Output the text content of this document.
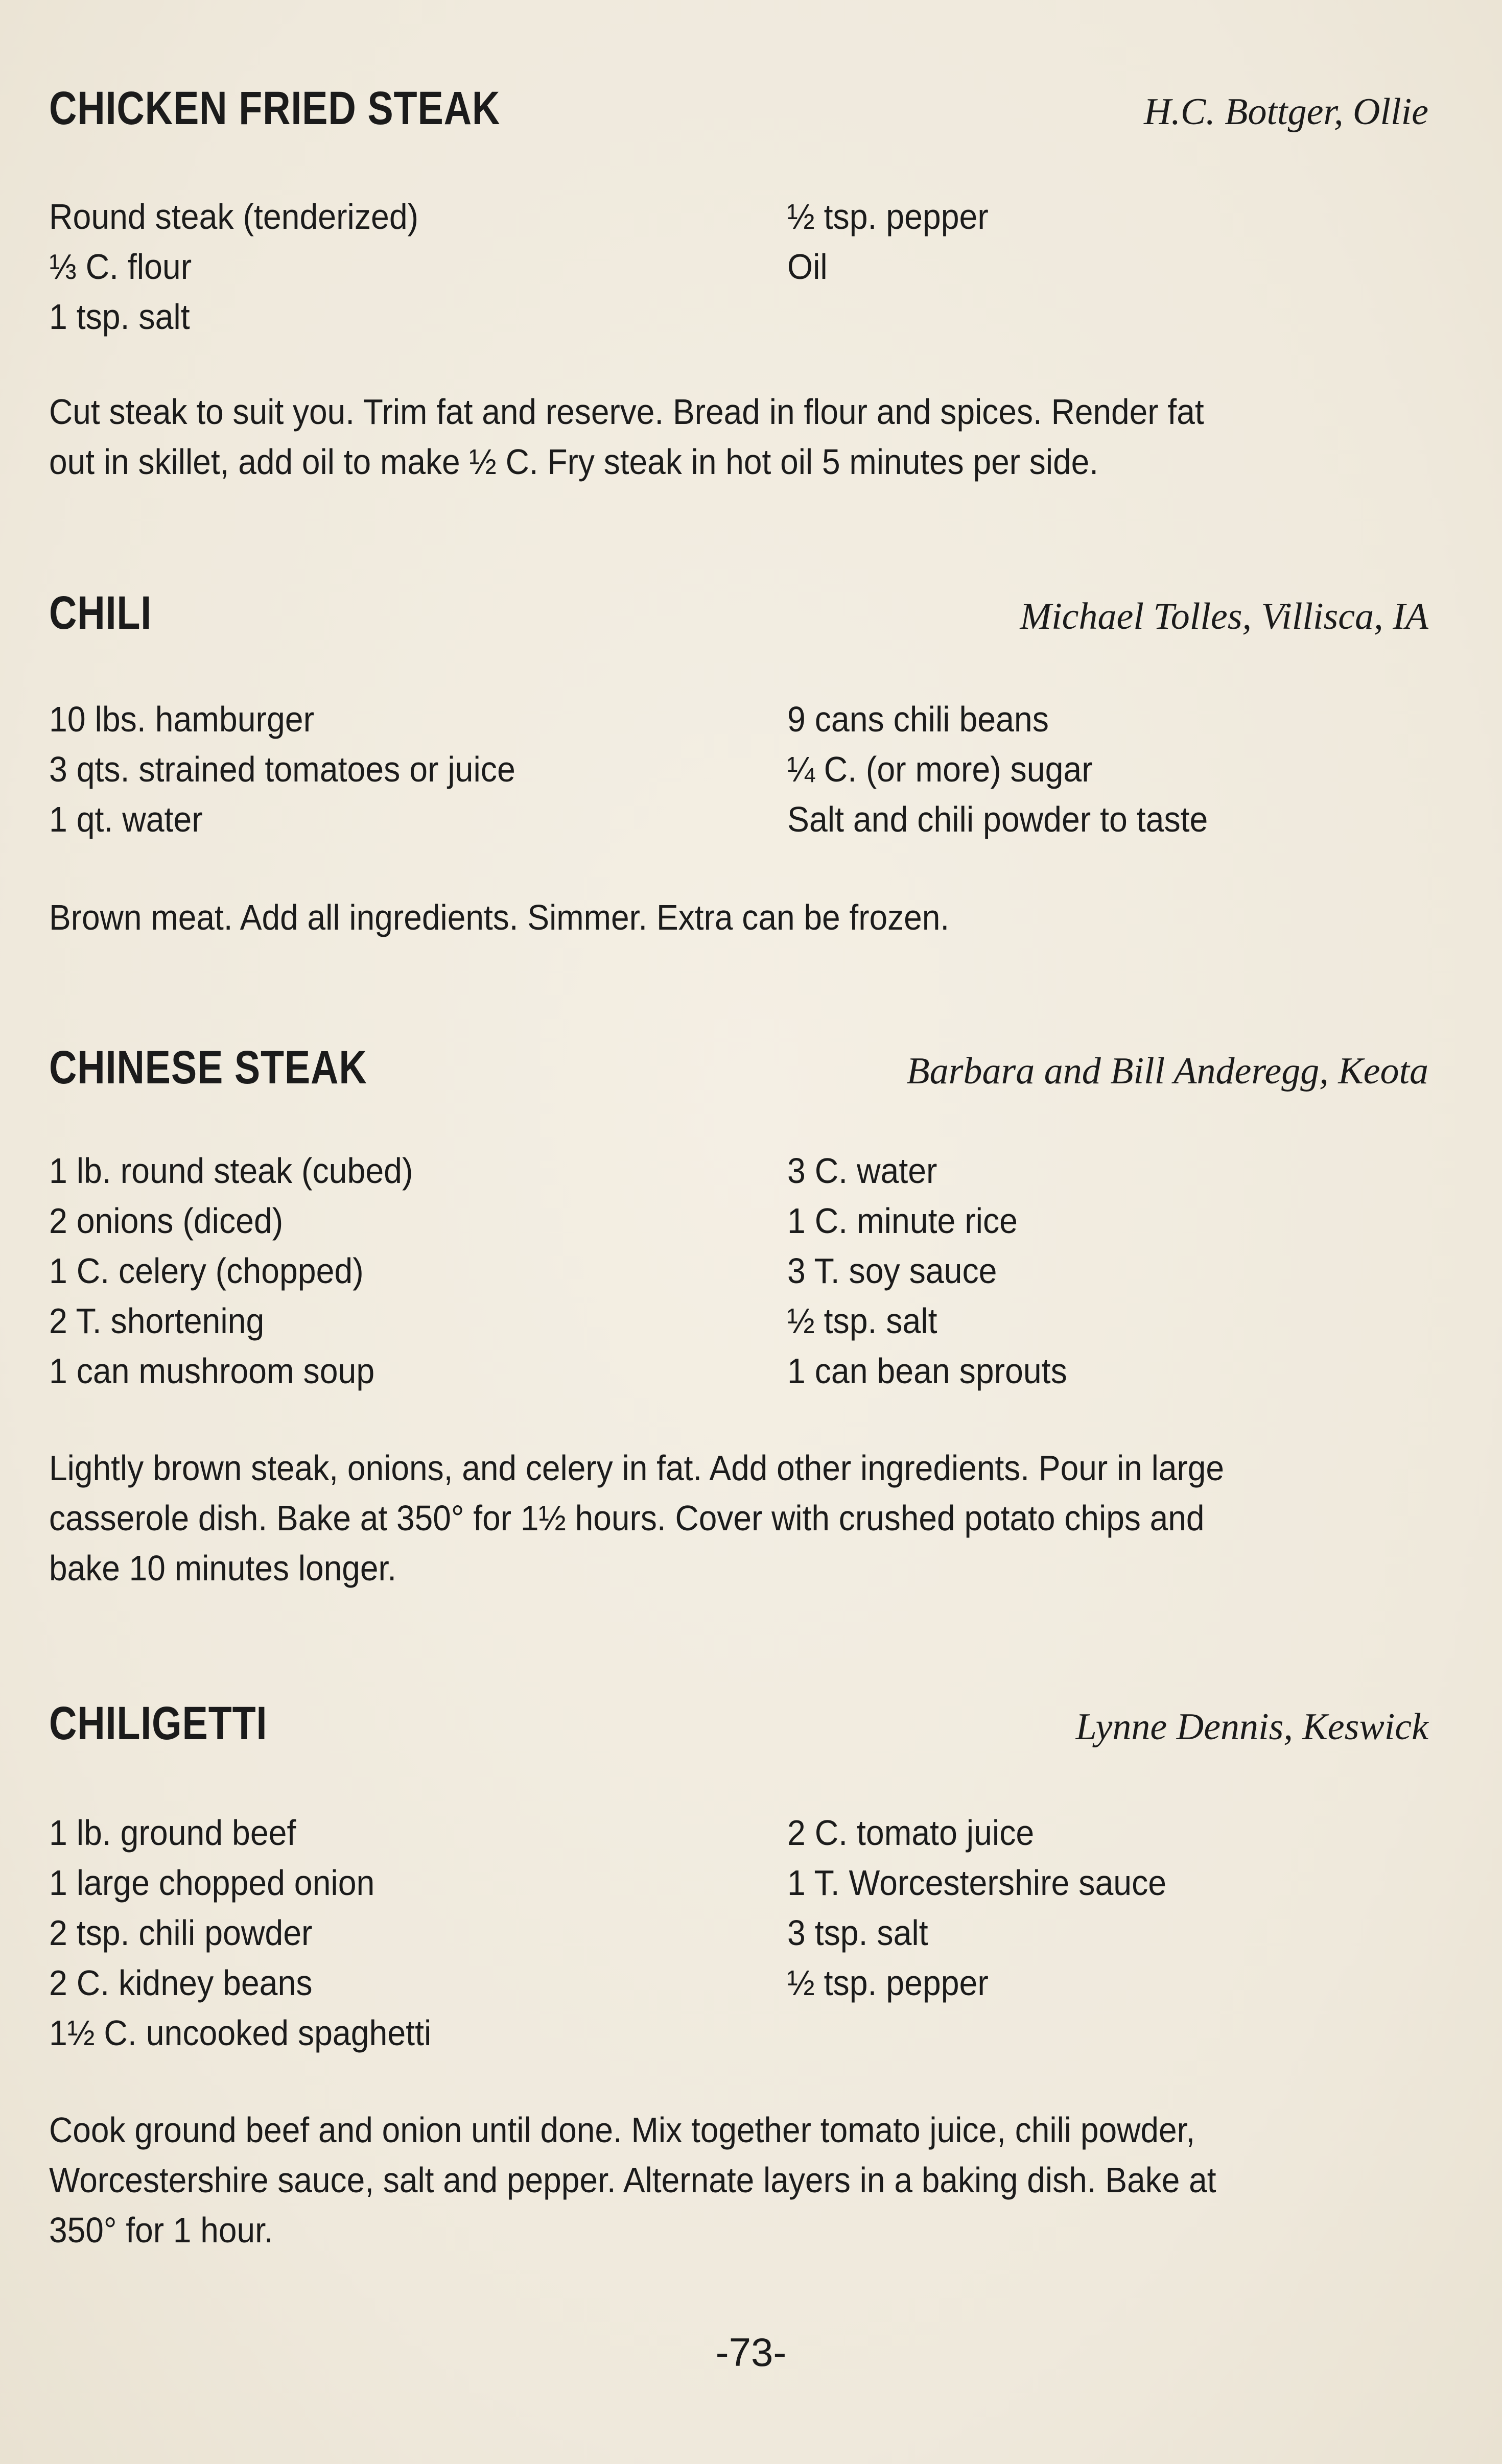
CHICKEN FRIED STEAK	H.C. Bottger, Ollie
Round steak (tenderized)
⅓ C. flour
1 tsp. salt
½ tsp. pepper
Oil
Cut steak to suit you. Trim fat and reserve. Bread in flour and spices. Render fat
out in skillet, add oil to make ½ C. Fry steak in hot oil 5 minutes per side.
CHILI	Michael Tolles, Villisca, IA
10 lbs. hamburger
3 qts. strained tomatoes or juice
1 qt. water
9 cans chili beans
¼ C. (or more) sugar
Salt and chili powder to taste
Brown meat. Add all ingredients. Simmer. Extra can be frozen.
CHINESE STEAK	Barbara and Bill Anderegg, Keota
1 lb. round steak (cubed)
2 onions (diced)
1 C. celery (chopped)
2 T. shortening
1 can mushroom soup
3 C. water
1 C. minute rice
3 T. soy sauce
½ tsp. salt
1 can bean sprouts
Lightly brown steak, onions, and celery in fat. Add other ingredients. Pour in large
casserole dish. Bake at 350° for 1½ hours. Cover with crushed potato chips and
bake 10 minutes longer.
CHILIGETTI	Lynne Dennis, Keswick
1 lb. ground beef
1 large chopped onion
2 tsp. chili powder
2 C. kidney beans
1½ C. uncooked spaghetti
2 C. tomato juice
1 T. Worcestershire sauce
3 tsp. salt
½ tsp. pepper
Cook ground beef and onion until done. Mix together tomato juice, chili powder,
Worcestershire sauce, salt and pepper. Alternate layers in a baking dish. Bake at
350° for 1 hour.
-73-
